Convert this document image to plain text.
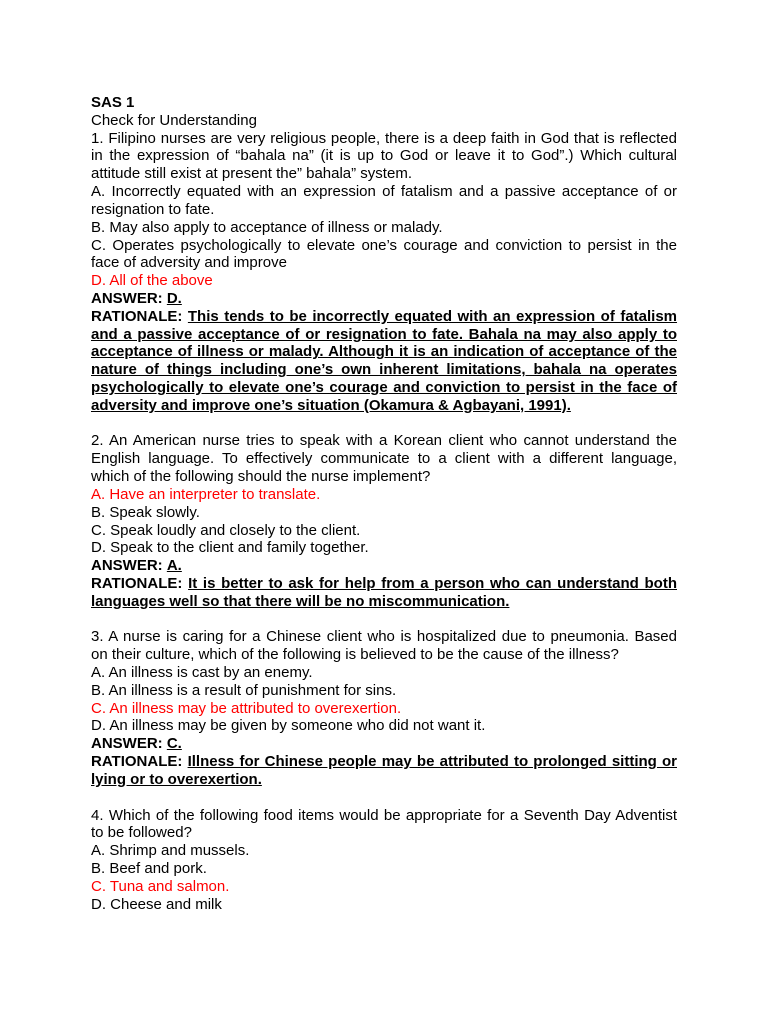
SAS 1
Check for Understanding
1. Filipino nurses are very religious people, there is a deep faith in God that is reflected
in the expression of “bahala na” (it is up to God or leave it to God”.) Which cultural
attitude still exist at present the” bahala” system.
A. Incorrectly equated with an expression of fatalism and a passive acceptance of or
resignation to fate.
B. May also apply to acceptance of illness or malady.
C. Operates psychologically to elevate one’s courage and conviction to persist in the
face of adversity and improve
D. All of the above
ANSWER: D.
RATIONALE: This tends to be incorrectly equated with an expression of fatalism
and a passive acceptance of or resignation to fate. Bahala na may also apply to
acceptance of illness or malady. Although it is an indication of acceptance of the
nature of things including one’s own inherent limitations, bahala na operates
psychologically to elevate one’s courage and conviction to persist in the face of
adversity and improve one’s situation (Okamura & Agbayani, 1991).
2. An American nurse tries to speak with a Korean client who cannot understand the
English language. To effectively communicate to a client with a different language,
which of the following should the nurse implement?
A. Have an interpreter to translate.
B. Speak slowly.
C. Speak loudly and closely to the client.
D. Speak to the client and family together.
ANSWER: A.
RATIONALE: It is better to ask for help from a person who can understand both
languages well so that there will be no miscommunication.
3. A nurse is caring for a Chinese client who is hospitalized due to pneumonia. Based
on their culture, which of the following is believed to be the cause of the illness?
A. An illness is cast by an enemy.
B. An illness is a result of punishment for sins.
C. An illness may be attributed to overexertion.
D. An illness may be given by someone who did not want it.
ANSWER: C.
RATIONALE: Illness for Chinese people may be attributed to prolonged sitting or
lying or to overexertion.
4. Which of the following food items would be appropriate for a Seventh Day Adventist
to be followed?
A. Shrimp and mussels.
B. Beef and pork.
C. Tuna and salmon.
D. Cheese and milk
